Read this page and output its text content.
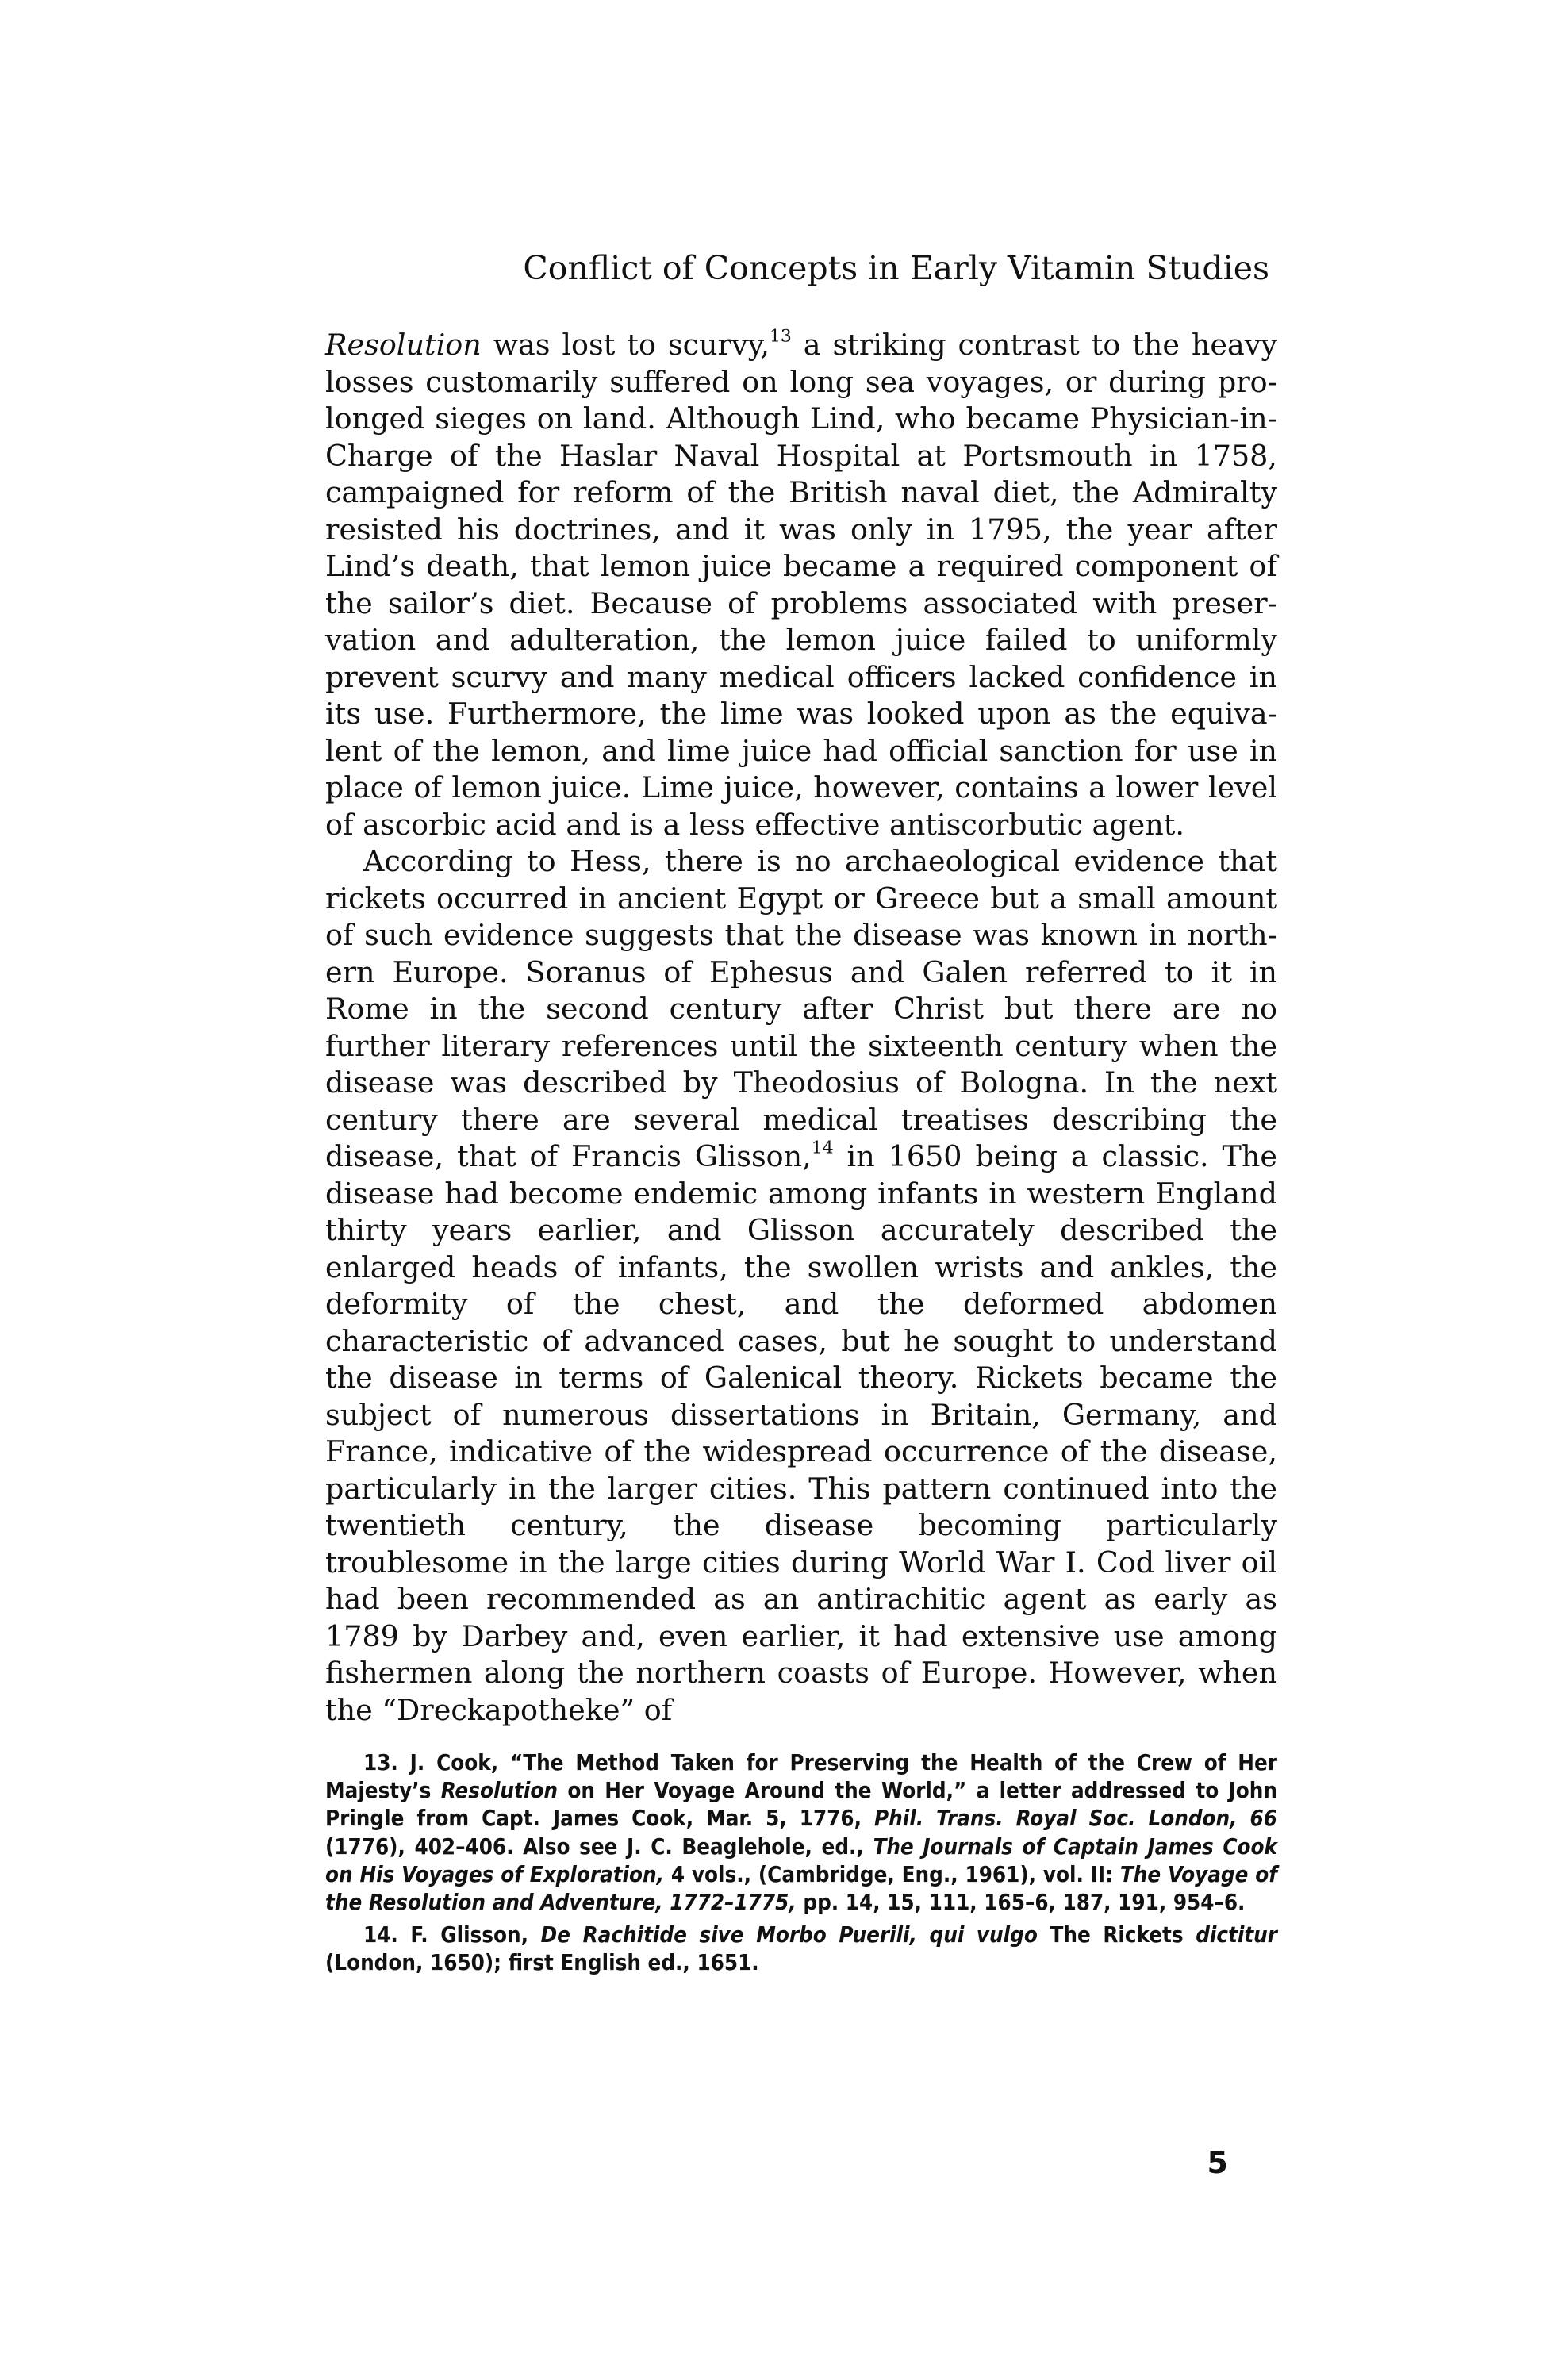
Conflict of Concepts in Early Vitamin Studies

Resolution was lost to scurvy,$^{13}$ a striking contrast to the heavy losses customarily suffered on long sea voyages, or during prolonged sieges on land. Although Lind, who became Physician-in-Charge of the Haslar Naval Hospital at Portsmouth in 1758, campaigned for reform of the British naval diet, the Admiralty resisted his doctrines, and it was only in 1795, the year after Lind’s death, that lemon juice became a required component of the sailor’s diet. Because of problems associated with preservation and adulteration, the lemon juice failed to uniformly prevent scurvy and many medical officers lacked confidence in its use. Furthermore, the lime was looked upon as the equivalent of the lemon, and lime juice had official sanction for use in place of lemon juice. Lime juice, however, contains a lower level of ascorbic acid and is a less effective antiscorbutic agent.

According to Hess, there is no archaeological evidence that rickets occurred in ancient Egypt or Greece but a small amount of such evidence suggests that the disease was known in northern Europe. Soranus of Ephesus and Galen referred to it in Rome in the second century after Christ but there are no further literary references until the sixteenth century when the disease was described by Theodosius of Bologna. In the next century there are several medical treatises describing the disease, that of Francis Glisson,$^{14}$ in 1650 being a classic. The disease had become endemic among infants in western England thirty years earlier, and Glisson accurately described the enlarged heads of infants, the swollen wrists and ankles, the deformity of the chest, and the deformed abdomen characteristic of advanced cases, but he sought to understand the disease in terms of Galenical theory. Rickets became the subject of numerous dissertations in Britain, Germany, and France, indicative of the widespread occurrence of the disease, particularly in the larger cities. This pattern continued into the twentieth century, the disease becoming particularly troublesome in the large cities during World War I. Cod liver oil had been recommended as an antirachitic agent as early as 1789 by Darbey and, even earlier, it had extensive use among fishermen along the northern coasts of Europe. However, when the “Dreckapotheke” of

13. J. Cook, “The Method Taken for Preserving the Health of the Crew of Her Majesty’s Resolution on Her Voyage Around the World,” a letter addressed to John Pringle from Capt. James Cook, Mar. 5, 1776, Phil. Trans. Royal Soc. London, 66 (1776), 402–406. Also see J. C. Beaglehole, ed., The Journals of Captain James Cook on His Voyages of Exploration, 4 vols., (Cambridge, Eng., 1961), vol. II: The Voyage of the Resolution and Adventure, 1772–1775, pp. 14, 15, 111, 165–6, 187, 191, 954–6.

14. F. Glisson, De Rachitide sive Morbo Puerili, qui vulgo The Rickets dictitur (London, 1650); first English ed., 1651.

5
